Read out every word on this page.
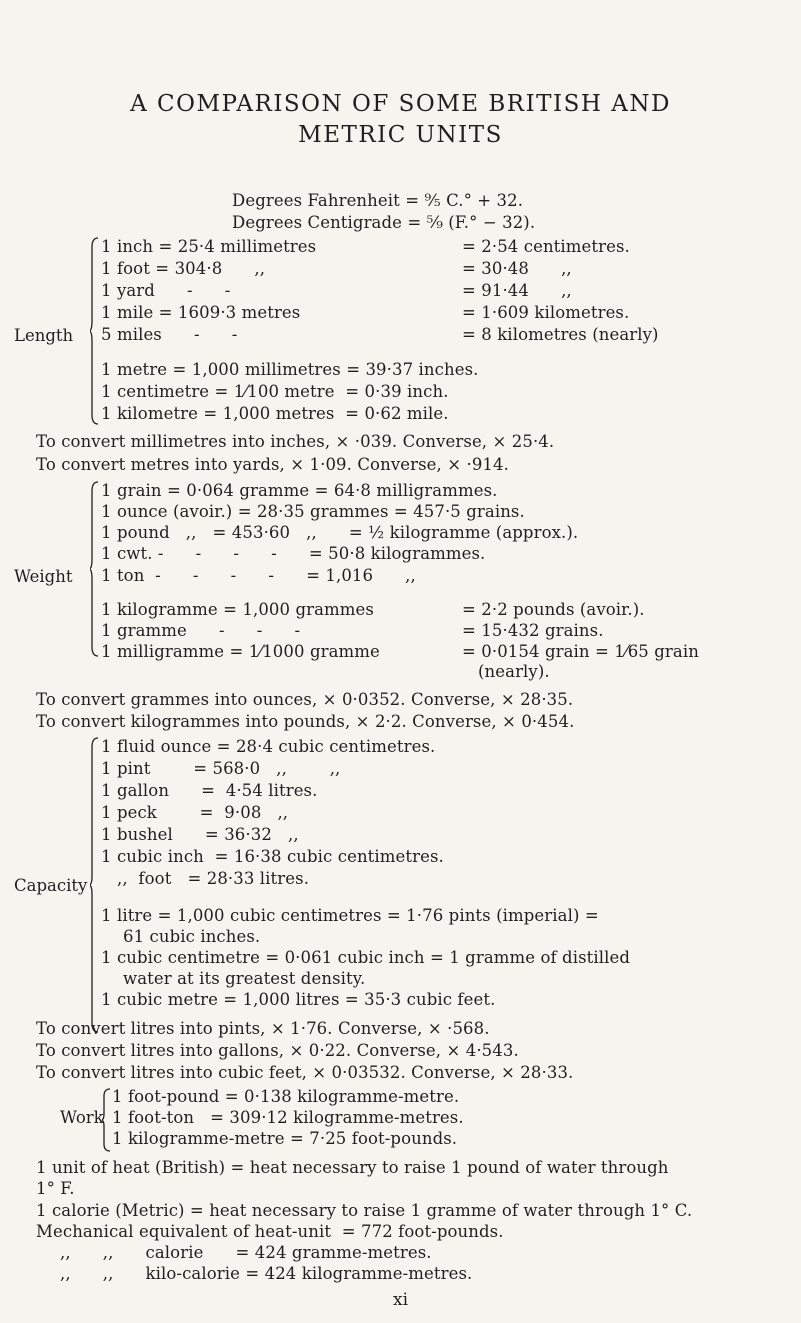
A COMPARISON OF SOME BRITISH AND
METRIC UNITS
Degrees Fahrenheit = ⁹⁄₅ C.° + 32.
Degrees Centigrade = ⁵⁄₉ (F.° − 32).
Length
1 inch = 25·4 millimetres	= 2·54 centimetres.
1 foot = 304·8      ,,	= 30·48      ,,
1 yard      -      -	= 91·44      ,,
1 mile = 1609·3 metres	= 1·609 kilometres.
5 miles      -      -	= 8 kilometres (nearly)
1 metre = 1,000 millimetres = 39·37 inches.
1 centimetre = 1⁄100 metre  = 0·39 inch.
1 kilometre = 1,000 metres  = 0·62 mile.
To convert millimetres into inches, × ·039. Converse, × 25·4.
To convert metres into yards, × 1·09. Converse, × ·914.
Weight
1 grain = 0·064 gramme = 64·8 milligrammes.
1 ounce (avoir.) = 28·35 grammes = 457·5 grains.
1 pound   ,,   = 453·60   ,,      = ½ kilogramme (approx.).
1 cwt. -      -      -      -      = 50·8 kilogrammes.
1 ton  -      -      -      -      = 1,016      ,,
1 kilogramme = 1,000 grammes	= 2·2 pounds (avoir.).
1 gramme      -      -      -	= 15·432 grains.
1 milligramme = 1⁄1000 gramme	= 0·0154 grain = 1⁄65 grain
(nearly).
To convert grammes into ounces, × 0·0352. Converse, × 28·35.
To convert kilogrammes into pounds, × 2·2. Converse, × 0·454.
Capacity
1 fluid ounce = 28·4 cubic centimetres.
1 pint        = 568·0   ,,        ,,
1 gallon      =  4·54 litres.
1 peck        =  9·08   ,,
1 bushel      = 36·32   ,,
1 cubic inch  = 16·38 cubic centimetres.
,,  foot   = 28·33 litres.
1 litre = 1,000 cubic centimetres = 1·76 pints (imperial) =
61 cubic inches.
1 cubic centimetre = 0·061 cubic inch = 1 gramme of distilled
water at its greatest density.
1 cubic metre = 1,000 litres = 35·3 cubic feet.
To convert litres into pints, × 1·76. Converse, × ·568.
To convert litres into gallons, × 0·22. Converse, × 4·543.
To convert litres into cubic feet, × 0·03532. Converse, × 28·33.
Work
1 foot-pound = 0·138 kilogramme-metre.
1 foot-ton   = 309·12 kilogramme-metres.
1 kilogramme-metre = 7·25 foot-pounds.
1 unit of heat (British) = heat necessary to raise 1 pound of water through
1° F.
1 calorie (Metric) = heat necessary to raise 1 gramme of water through 1° C.
Mechanical equivalent of heat-unit  = 772 foot-pounds.
,,      ,,      calorie      = 424 gramme-metres.
,,      ,,      kilo-calorie = 424 kilogramme-metres.
xi
